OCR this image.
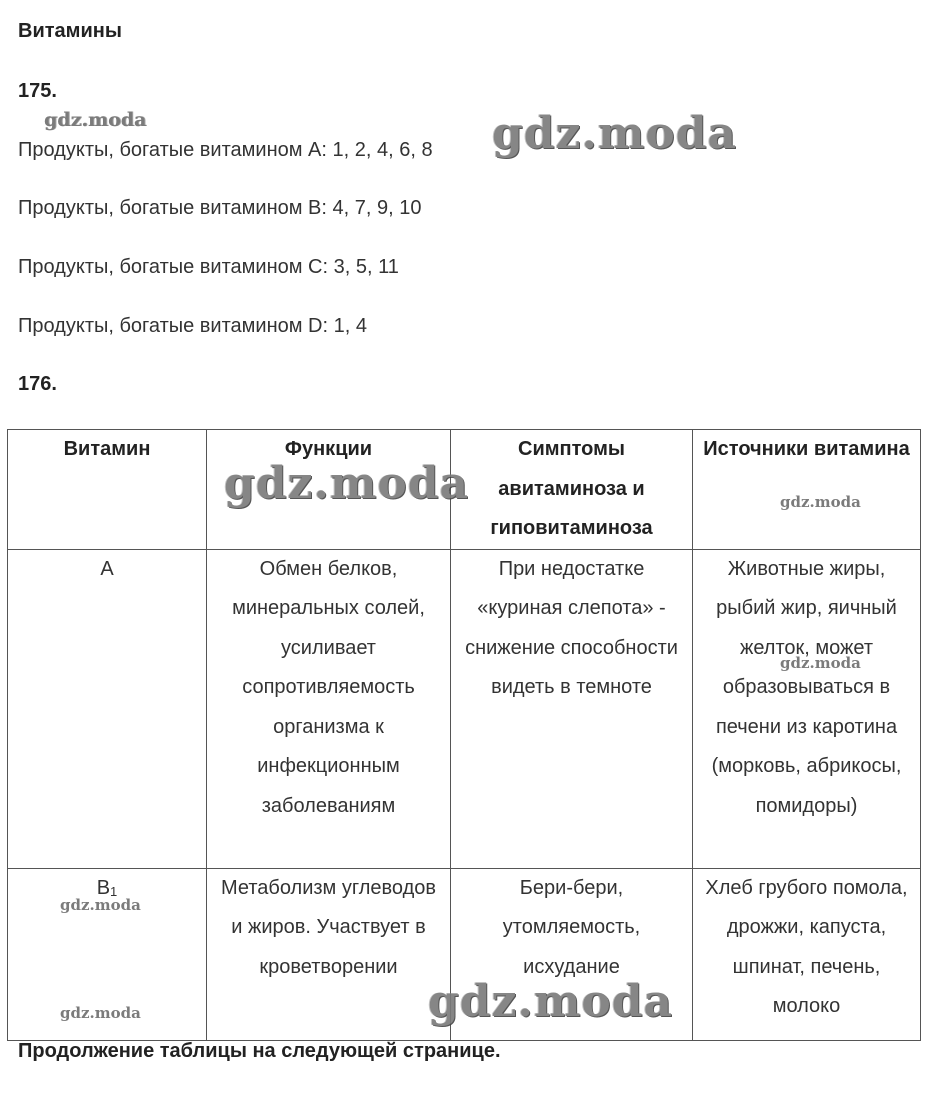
Витамины
175.
Продукты, богатые витамином А: 1, 2, 4, 6, 8
Продукты, богатые витамином В: 4, 7, 9, 10
Продукты, богатые витамином С: 3, 5, 11
Продукты, богатые витамином D: 1, 4
176.
Витамин	Функции	Симптомы авитаминоза и гиповитаминоза	Источники витамина
А	Обмен белков, минеральных солей, усиливает сопротивляемость организма к инфекционным заболеваниям	При недостатке «куриная слепота» - снижение способности видеть в темноте	Животные жиры, рыбий жир, яичный желток, может образовываться в печени из каротина (морковь, абрикосы, помидоры)
$В_1$	Метаболизм углеводов и жиров. Участвует в кроветворении	Бери-бери, утомляемость, исхудание	Хлеб грубого помола, дрожжи, капуста, шпинат, печень, молоко
Продолжение таблицы на следующей странице.
gdz.moda	gdz.moda
gdz.moda	gdz.moda
gdz.moda
gdz.moda
gdz.moda	gdz.moda
